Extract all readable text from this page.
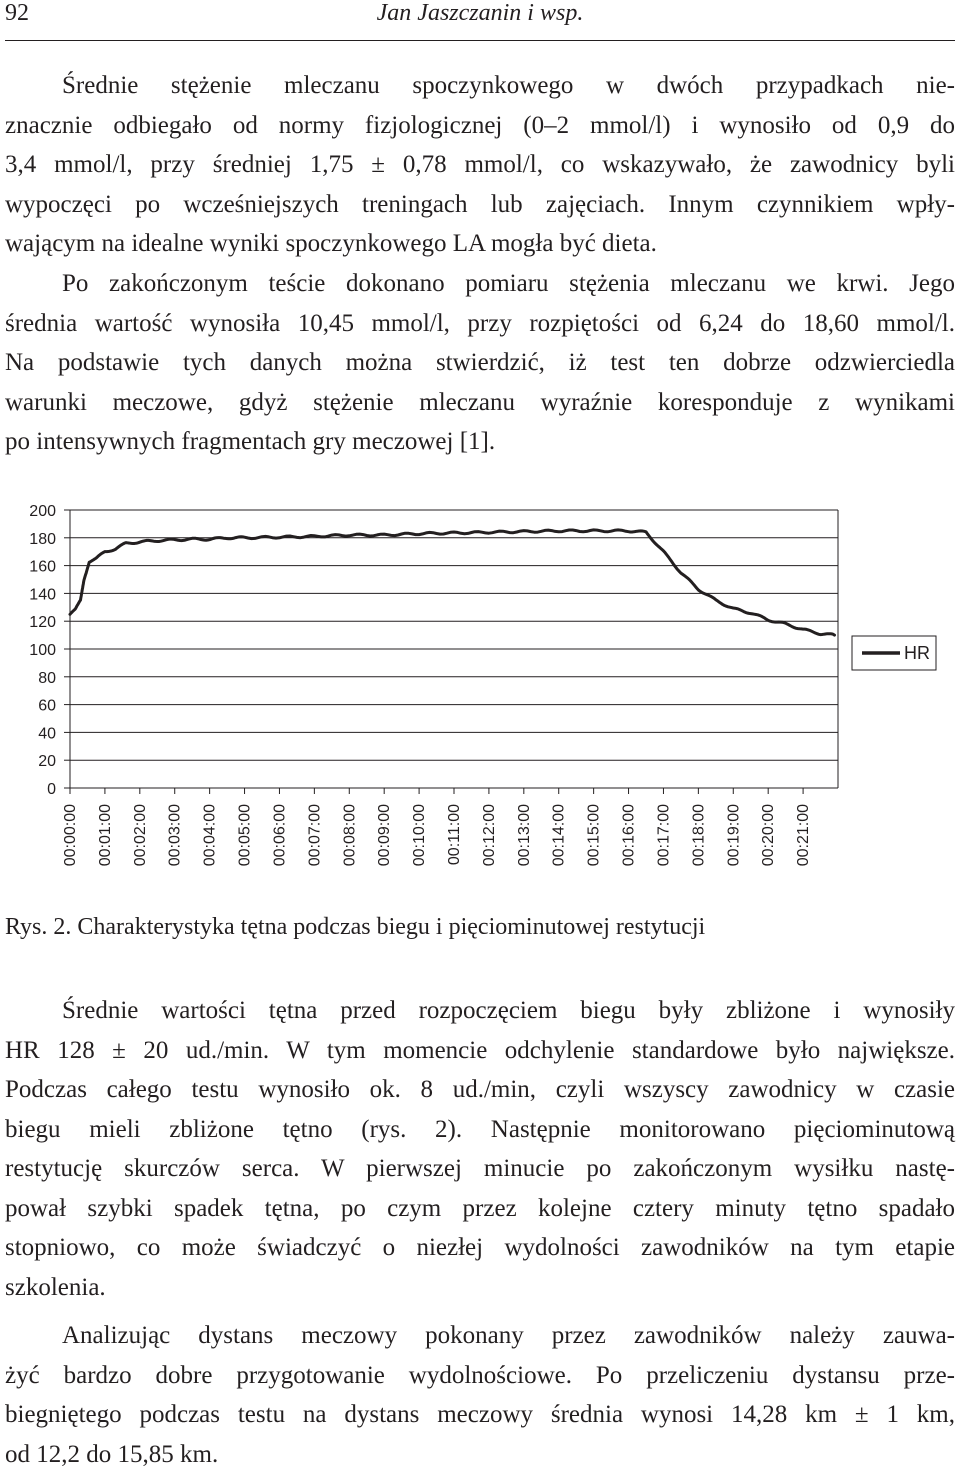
92	Jan Jaszczanin i wsp.
Średnie stężenie mleczanu spoczynkowego w dwóch przypadkach nie-
znacznie odbiegało od normy fizjologicznej (0–2 mmol/l) i wynosiło od 0,9 do
3,4 mmol/l, przy średniej 1,75 ± 0,78 mmol/l, co wskazywało, że zawodnicy byli
wypoczęci po wcześniejszych treningach lub zajęciach. Innym czynnikiem wpły-
wającym na idealne wyniki spoczynkowego LA mogła być dieta.
Po zakończonym teście dokonano pomiaru stężenia mleczanu we krwi. Jego
średnia wartość wynosiła 10,45 mmol/l, przy rozpiętości od 6,24 do 18,60 mmol/l.
Na podstawie tych danych można stwierdzić, iż test ten dobrze odzwierciedla
warunki meczowe, gdyż stężenie mleczanu wyraźnie koresponduje z wynikami
po intensywnych fragmentach gry meczowej [1].
0
20
40
60
80
100
120
140
160
180
200
00:00:00 00:01:00 00:02:00 00:03:00 00:04:00 00:05:00 00:06:00 00:07:00 00:08:00 00:09:00 00:10:00 00:11:00 00:12:00 00:13:00 00:14:00 00:15:00 00:16:00 00:17:00 00:18:00 00:19:00 00:20:00 00:21:00
HR
Rys. 2. Charakterystyka tętna podczas biegu i pięciominutowej restytucji
Średnie wartości tętna przed rozpoczęciem biegu były zbliżone i wynosiły
HR 128 ± 20 ud./min. W tym momencie odchylenie standardowe było największe.
Podczas całego testu wynosiło ok. 8 ud./min, czyli wszyscy zawodnicy w czasie
biegu mieli zbliżone tętno (rys. 2). Następnie monitorowano pięciominutową
restytucję skurczów serca. W pierwszej minucie po zakończonym wysiłku nastę-
pował szybki spadek tętna, po czym przez kolejne cztery minuty tętno spadało
stopniowo, co może świadczyć o niezłej wydolności zawodników na tym etapie
szkolenia.
Analizując dystans meczowy pokonany przez zawodników należy zauwa-
żyć bardzo dobre przygotowanie wydolnościowe. Po przeliczeniu dystansu prze-
biegniętego podczas testu na dystans meczowy średnia wynosi 14,28 km ± 1 km,
od 12,2 do 15,85 km.
